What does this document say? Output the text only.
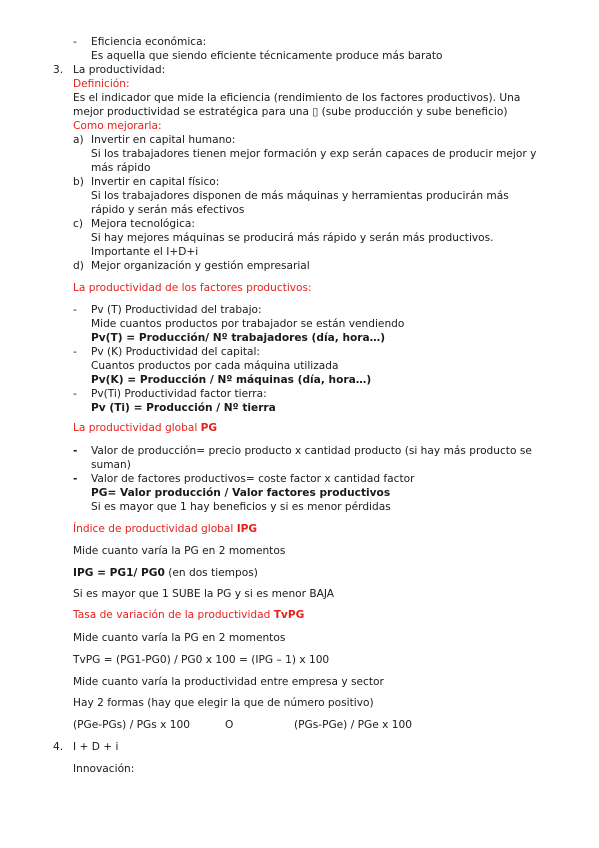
- Eficiencia económica:
Es aquella que siendo eficiente técnicamente produce más barato
3. La productividad:
Definición:
Es el indicador que mide la eficiencia (rendimiento de los factores productivos). Una
mejor productividad se estratégica para una ▯ (sube producción y sube beneficio)
Como mejorarla:
a) Invertir en capital humano:
Si los trabajadores tienen mejor formación y exp serán capaces de producir mejor y
más rápido
b) Invertir en capital físico:
Si los trabajadores disponen de más máquinas y herramientas producirán más
rápido y serán más efectivos
c) Mejora tecnológica:
Si hay mejores máquinas se producirá más rápido y serán más productivos.
Importante el I+D+i
d) Mejor organización y gestión empresarial
La productividad de los factores productivos:
- Pv (T) Productividad del trabajo:
Mide cuantos productos por trabajador se están vendiendo
Pv(T) = Producción/ Nº trabajadores (día, hora…)
- Pv (K) Productividad del capital:
Cuantos productos por cada máquina utilizada
Pv(K) = Producción / Nº máquinas (día, hora…)
- Pv(Ti) Productividad factor tierra:
Pv (Ti) = Producción / Nº tierra
La productividad global PG
- Valor de producción= precio producto x cantidad producto (si hay más producto se
suman)
- Valor de factores productivos= coste factor x cantidad factor
PG= Valor producción / Valor factores productivos
Si es mayor que 1 hay beneficios y si es menor pérdidas
Índice de productividad global IPG
Mide cuanto varía la PG en 2 momentos
IPG = PG1/ PG0 (en dos tiempos)
Si es mayor que 1 SUBE la PG y si es menor BAJA
Tasa de variación de la productividad TvPG
Mide cuanto varía la PG en 2 momentos
TvPG = (PG1-PG0) / PG0 x 100 = (IPG – 1) x 100
Mide cuanto varía la productividad entre empresa y sector
Hay 2 formas (hay que elegir la que de número positivo)
(PGe-PGs) / PGs x 100	O	(PGs-PGe) / PGe x 100
4. I + D + i
Innovación:
